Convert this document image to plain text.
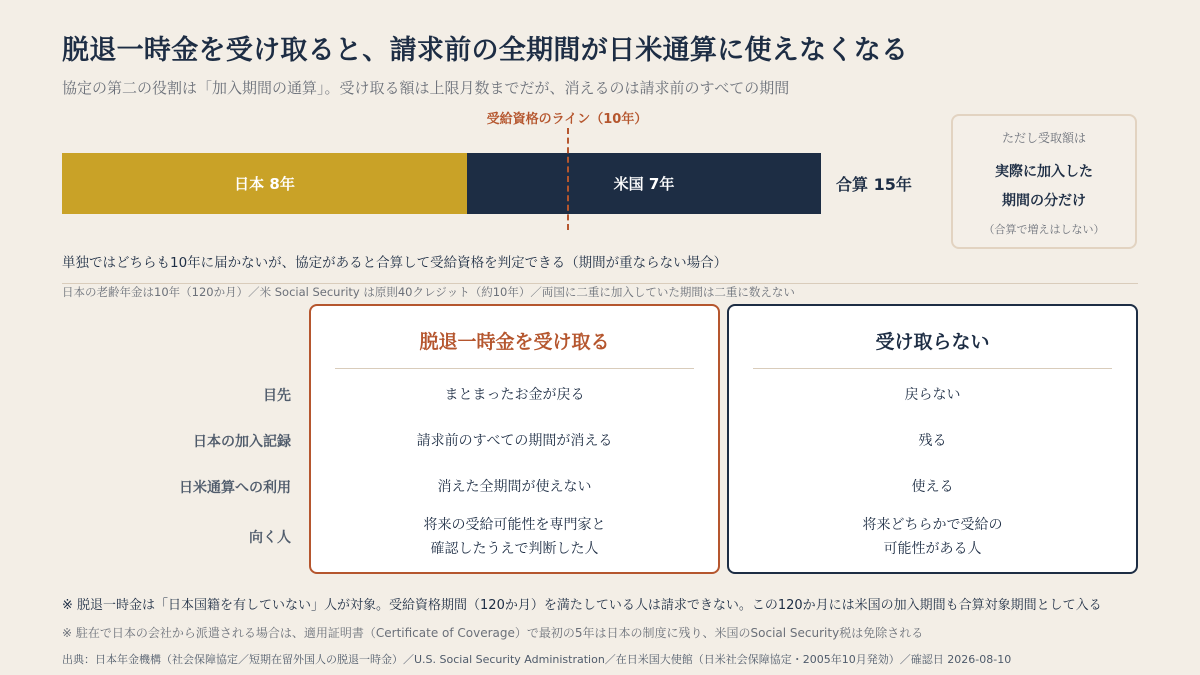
脱退一時金を受け取ると、請求前の全期間が日米通算に使えなくなる
協定の第二の役割は「加入期間の通算」。受け取る額は上限月数までだが、消えるのは請求前のすべての期間
受給資格のライン（10年）
日本 8年	米国 7年	合算 15年
ただし受取額は
実際に加入した
期間の分だけ
（合算で増えはしない）
単独ではどちらも10年に届かないが、協定があると合算して受給資格を判定できる（期間が重ならない場合）
日本の老齢年金は10年（120か月）／米 Social Security は原則40クレジット（約10年）／両国に二重に加入していた期間は二重に数えない
目先
日本の加入記録
日米通算への利用
向く人
脱退一時金を受け取る
まとまったお金が戻る
請求前のすべての期間が消える
消えた全期間が使えない
将来の受給可能性を専門家と
確認したうえで判断した人
受け取らない
戻らない
残る
使える
将来どちらかで受給の
可能性がある人
※ 脱退一時金は「日本国籍を有していない」人が対象。受給資格期間（120か月）を満たしている人は請求できない。この120か月には米国の加入期間も合算対象期間として入る
※ 駐在で日本の会社から派遣される場合は、適用証明書（Certificate of Coverage）で最初の5年は日本の制度に残り、米国のSocial Security税は免除される
出典：日本年金機構（社会保障協定／短期在留外国人の脱退一時金）／U.S. Social Security Administration／在日米国大使館（日米社会保障協定・2005年10月発効）／確認日 2026-08-10
